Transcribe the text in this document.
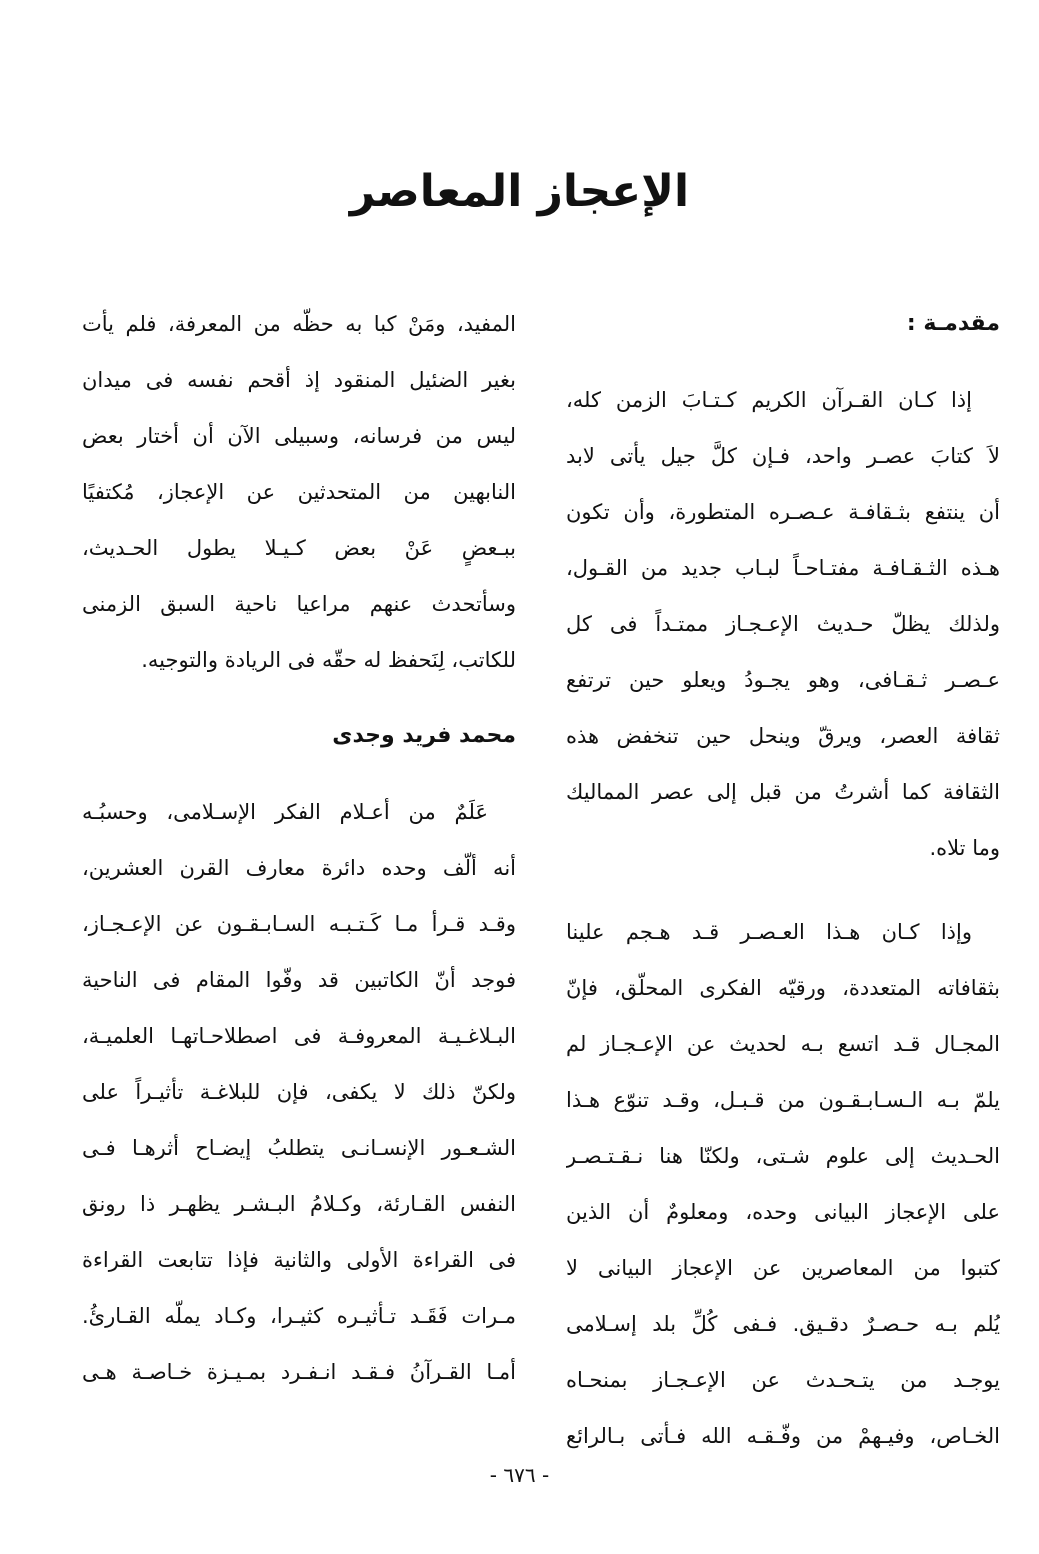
الإعجاز المعاصر
مقدمـة :
إذا كـان القـرآن الكريم كـتـابَ الزمن كله،
لاَ كتابَ عصـر واحد، فـإن كلَّ جيل يأتى لابد
أن ينتفع بثـقافـة عـصـره المتطورة، وأن تكون
هـذه الثـقـافـة مفتـاحـاً لبـاب جديد من القـول،
ولذلك يظلّ حـديث الإعـجـاز ممتـداً فى كل
عـصـر ثـقـافى، وهو يجـودُ ويعلو حين ترتفع
ثقافة العصر، ويرقّ وينحل حين تنخفض هذه
الثقافة كما أشرتُ من قبل إلى عصر المماليك
وما تلاه.
وإذا كـان هـذا العـصـر قـد هـجم علينا
بثقافاته المتعددة، ورقيّه الفكرى المحلّق، فإنّ
المجـال قـد اتسع بـه لحديث عن الإعـجـاز لم
يلمّ بـه الـسـابـقـون من قـبـل، وقـد تنوّع هـذا
الحـديث إلى علوم شـتى، ولكنّا هنا نـقـتـصـر
على الإعجاز البيانى وحده، ومعلومٌ أن الذين
كتبوا من المعاصرين عن الإعجاز البيانى لا
يُلم بـه حـصـرٌ دقـيق. فـفى كُلِّ بلد إسـلامى
يوجـد من يتـحـدث عن الإعـجـاز بمنحـاه
الخـاص، وفيـهمْ من وفّـقـه الله فـأتى بـالرائع
المفيد، ومَنْ كبا به حظّه من المعرفة، فلم يأت
بغير الضئيل المنقود إذ أقحم نفسه فى ميدان
ليس من فرسانه، وسبيلى الآن أن أختار بعض
النابهين من المتحدثين عن الإعجاز، مُكتفيًا
ببـعضٍ عَنْ بعض كـيـلا يطول الحـديث،
وسأتحدث عنهم مراعيا ناحية السبق الزمنى
للكاتب، لِنَحفظ له حقّه فى الريادة والتوجيه.
محمد فريد وجدى
عَلَمٌ من أعـلام الفكر الإسـلامى، وحسبُـه
أنه ألّف وحده دائرة معارف القرن العشرين،
وقـد قـرأ مـا كَـتـبـه السـابـقـون عن الإعـجـاز،
فوجد أنّ الكاتبين قد وفّوا المقام فى الناحية
البـلاغـيـة المعروفـة فى اصطلاحـاتهـا العلميـة،
ولكنّ ذلك لا يكفى، فإن للبلاغـة تأثيـراً على
الشـعـور الإنسـانـى يتطلبُ إيضـاح أثرهـا فـى
النفس القـارئة، وكـلامُ البـشـر يظهـر ذا رونق
فى القراءة الأولى والثانية فإذا تتابعت القراءة
مـرات فَقَـد تـأثيـره كثيـرا، وكـاد يملّه القـارئُ.
أمـا القـرآنُ فـقـد انـفـرد بمـيـزة خـاصـة هـى
- ٦٧٦ -
